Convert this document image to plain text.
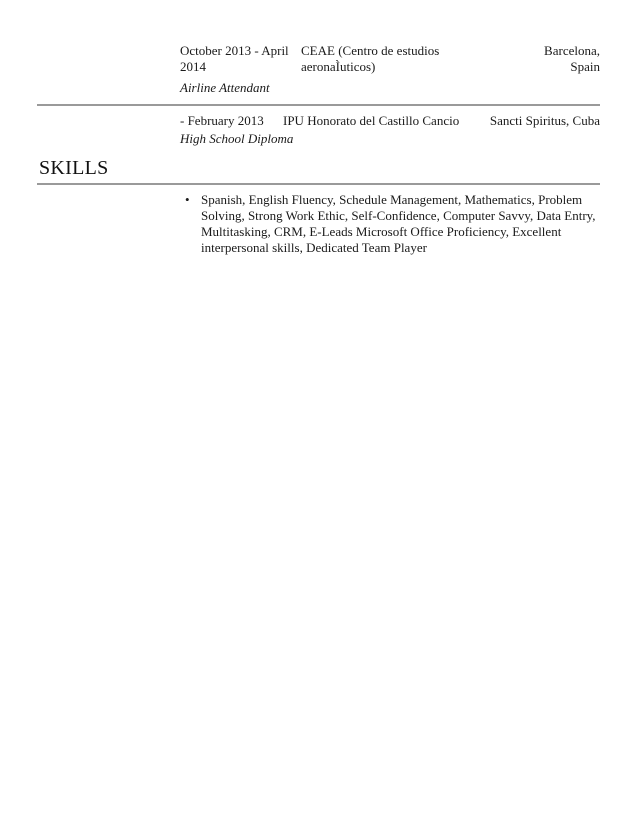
October 2013 - April
2014
CEAE (Centro de estudios
aeronaÌuticos)
Barcelona,
Spain
Airline Attendant
- February 2013 IPU Honorato del Castillo Cancio Sancti Spiritus, Cuba
High School Diploma
SKILLS
• Spanish, English Fluency, Schedule Management, Mathematics, Problem Solving, Strong Work Ethic, Self-Confidence, Computer Savvy, Data Entry, Multitasking, CRM, E-Leads Microsoft Office Proficiency, Excellent interpersonal skills, Dedicated Team Player
